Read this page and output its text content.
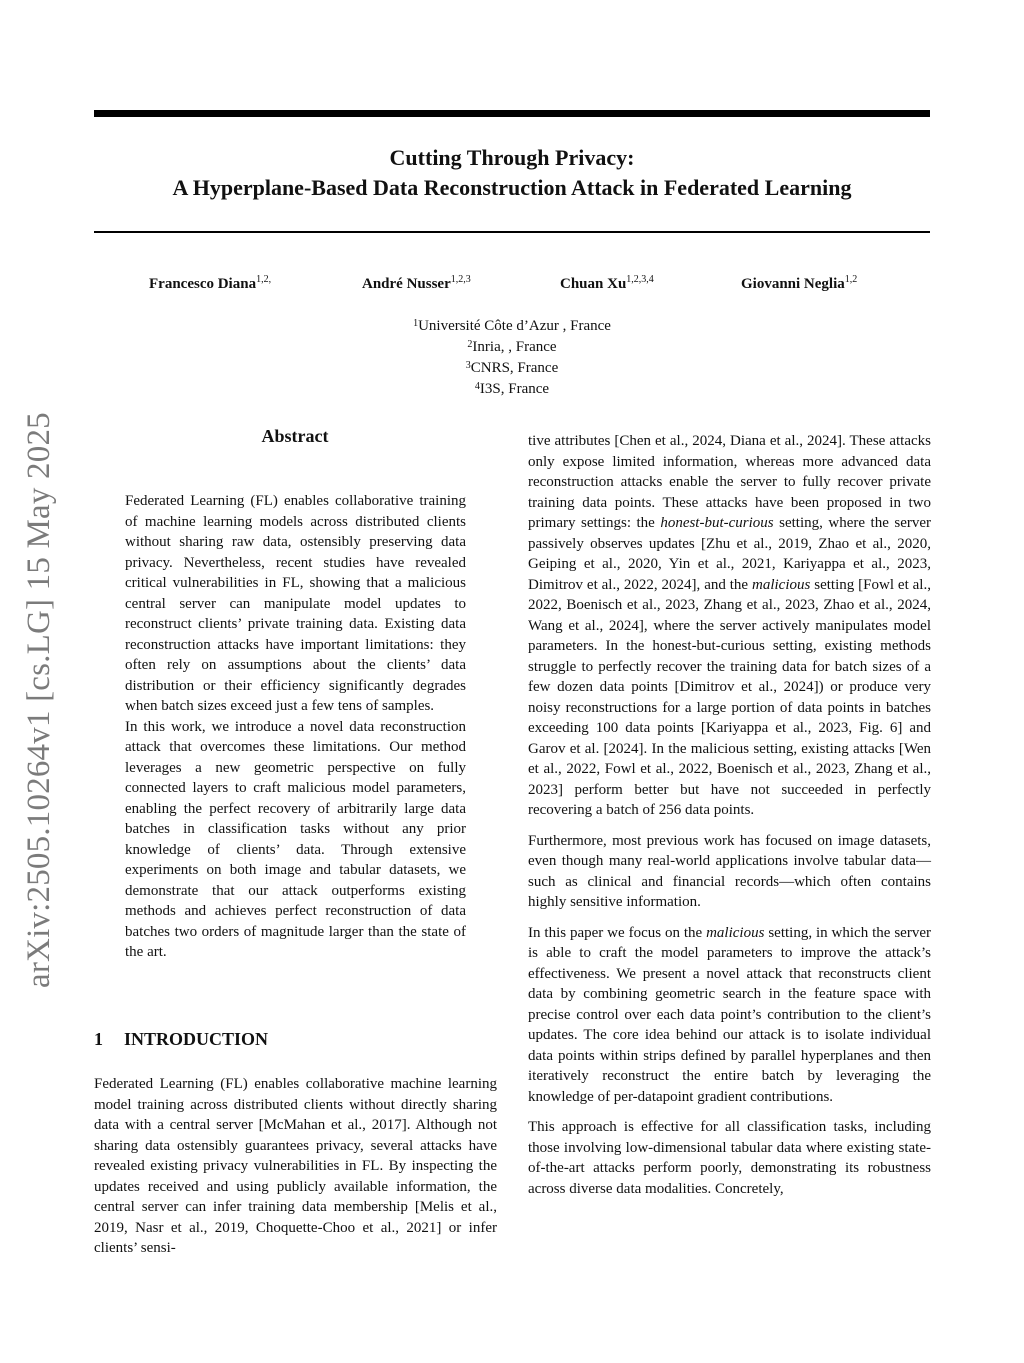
arXiv:2505.10264v1 [cs.LG] 15 May 2025
Cutting Through Privacy:
A Hyperplane-Based Data Reconstruction Attack in Federated Learning
Francesco Diana$^{1,2,}$	André Nusser$^{1,2,3}$	Chuan Xu$^{1,2,3,4}$	Giovanni Neglia$^{1,2}$
$^1$Université Côte d’Azur , France
$^2$Inria, , France
$^3$CNRS, France
$^4$I3S, France
Abstract

Federated Learning (FL) enables collaborative training of machine learning models across distributed clients without sharing raw data, ostensibly preserving data privacy. Nevertheless, recent studies have revealed critical vulnerabilities in FL, showing that a malicious central server can manipulate model updates to reconstruct clients’ private training data. Existing data reconstruction attacks have important limitations: they often rely on assumptions about the clients’ data distribution or their efficiency significantly degrades when batch sizes exceed just a few tens of samples.

In this work, we introduce a novel data reconstruction attack that overcomes these limitations. Our method leverages a new geometric perspective on fully connected layers to craft malicious model parameters, enabling the perfect recovery of arbitrarily large data batches in classification tasks without any prior knowledge of clients’ data. Through extensive experiments on both image and tabular datasets, we demonstrate that our attack outperforms existing methods and achieves perfect reconstruction of data batches two orders of magnitude larger than the state of the art.

1 INTRODUCTION

Federated Learning (FL) enables collaborative machine learning model training across distributed clients without directly sharing data with a central server [McMahan et al., 2017]. Although not sharing data ostensibly guarantees privacy, several attacks have revealed existing privacy vulnerabilities in FL. By inspecting the updates received and using publicly available information, the central server can infer training data membership [Melis et al., 2019, Nasr et al., 2019, Choquette-Choo et al., 2021] or infer clients’ sensi-

tive attributes [Chen et al., 2024, Diana et al., 2024]. These attacks only expose limited information, whereas more advanced data reconstruction attacks enable the server to fully recover private training data points. These attacks have been proposed in two primary settings: the honest-but-curious setting, where the server passively observes updates [Zhu et al., 2019, Zhao et al., 2020, Geiping et al., 2020, Yin et al., 2021, Kariyappa et al., 2023, Dimitrov et al., 2022, 2024], and the malicious setting [Fowl et al., 2022, Boenisch et al., 2023, Zhang et al., 2023, Zhao et al., 2024, Wang et al., 2024], where the server actively manipulates model parameters. In the honest-but-curious setting, existing methods struggle to perfectly recover the training data for batch sizes of a few dozen data points [Dimitrov et al., 2024]) or produce very noisy reconstructions for a large portion of data points in batches exceeding 100 data points [Kariyappa et al., 2023, Fig. 6] and Garov et al. [2024]. In the malicious setting, existing attacks [Wen et al., 2022, Fowl et al., 2022, Boenisch et al., 2023, Zhang et al., 2023] perform better but have not succeeded in perfectly recovering a batch of 256 data points.

Furthermore, most previous work has focused on image datasets, even though many real-world applications involve tabular data—such as clinical and financial records—which often contains highly sensitive information.

In this paper we focus on the malicious setting, in which the server is able to craft the model parameters to improve the attack’s effectiveness. We present a novel attack that reconstructs client data by combining geometric search in the feature space with precise control over each data point’s contribution to the client’s updates. The core idea behind our attack is to isolate individual data points within strips defined by parallel hyperplanes and then iteratively reconstruct the entire batch by leveraging the knowledge of per-datapoint gradient contributions.

This approach is effective for all classification tasks, including those involving low-dimensional tabular data where existing state-of-the-art attacks perform poorly, demonstrating its robustness across diverse data modalities. Concretely,
